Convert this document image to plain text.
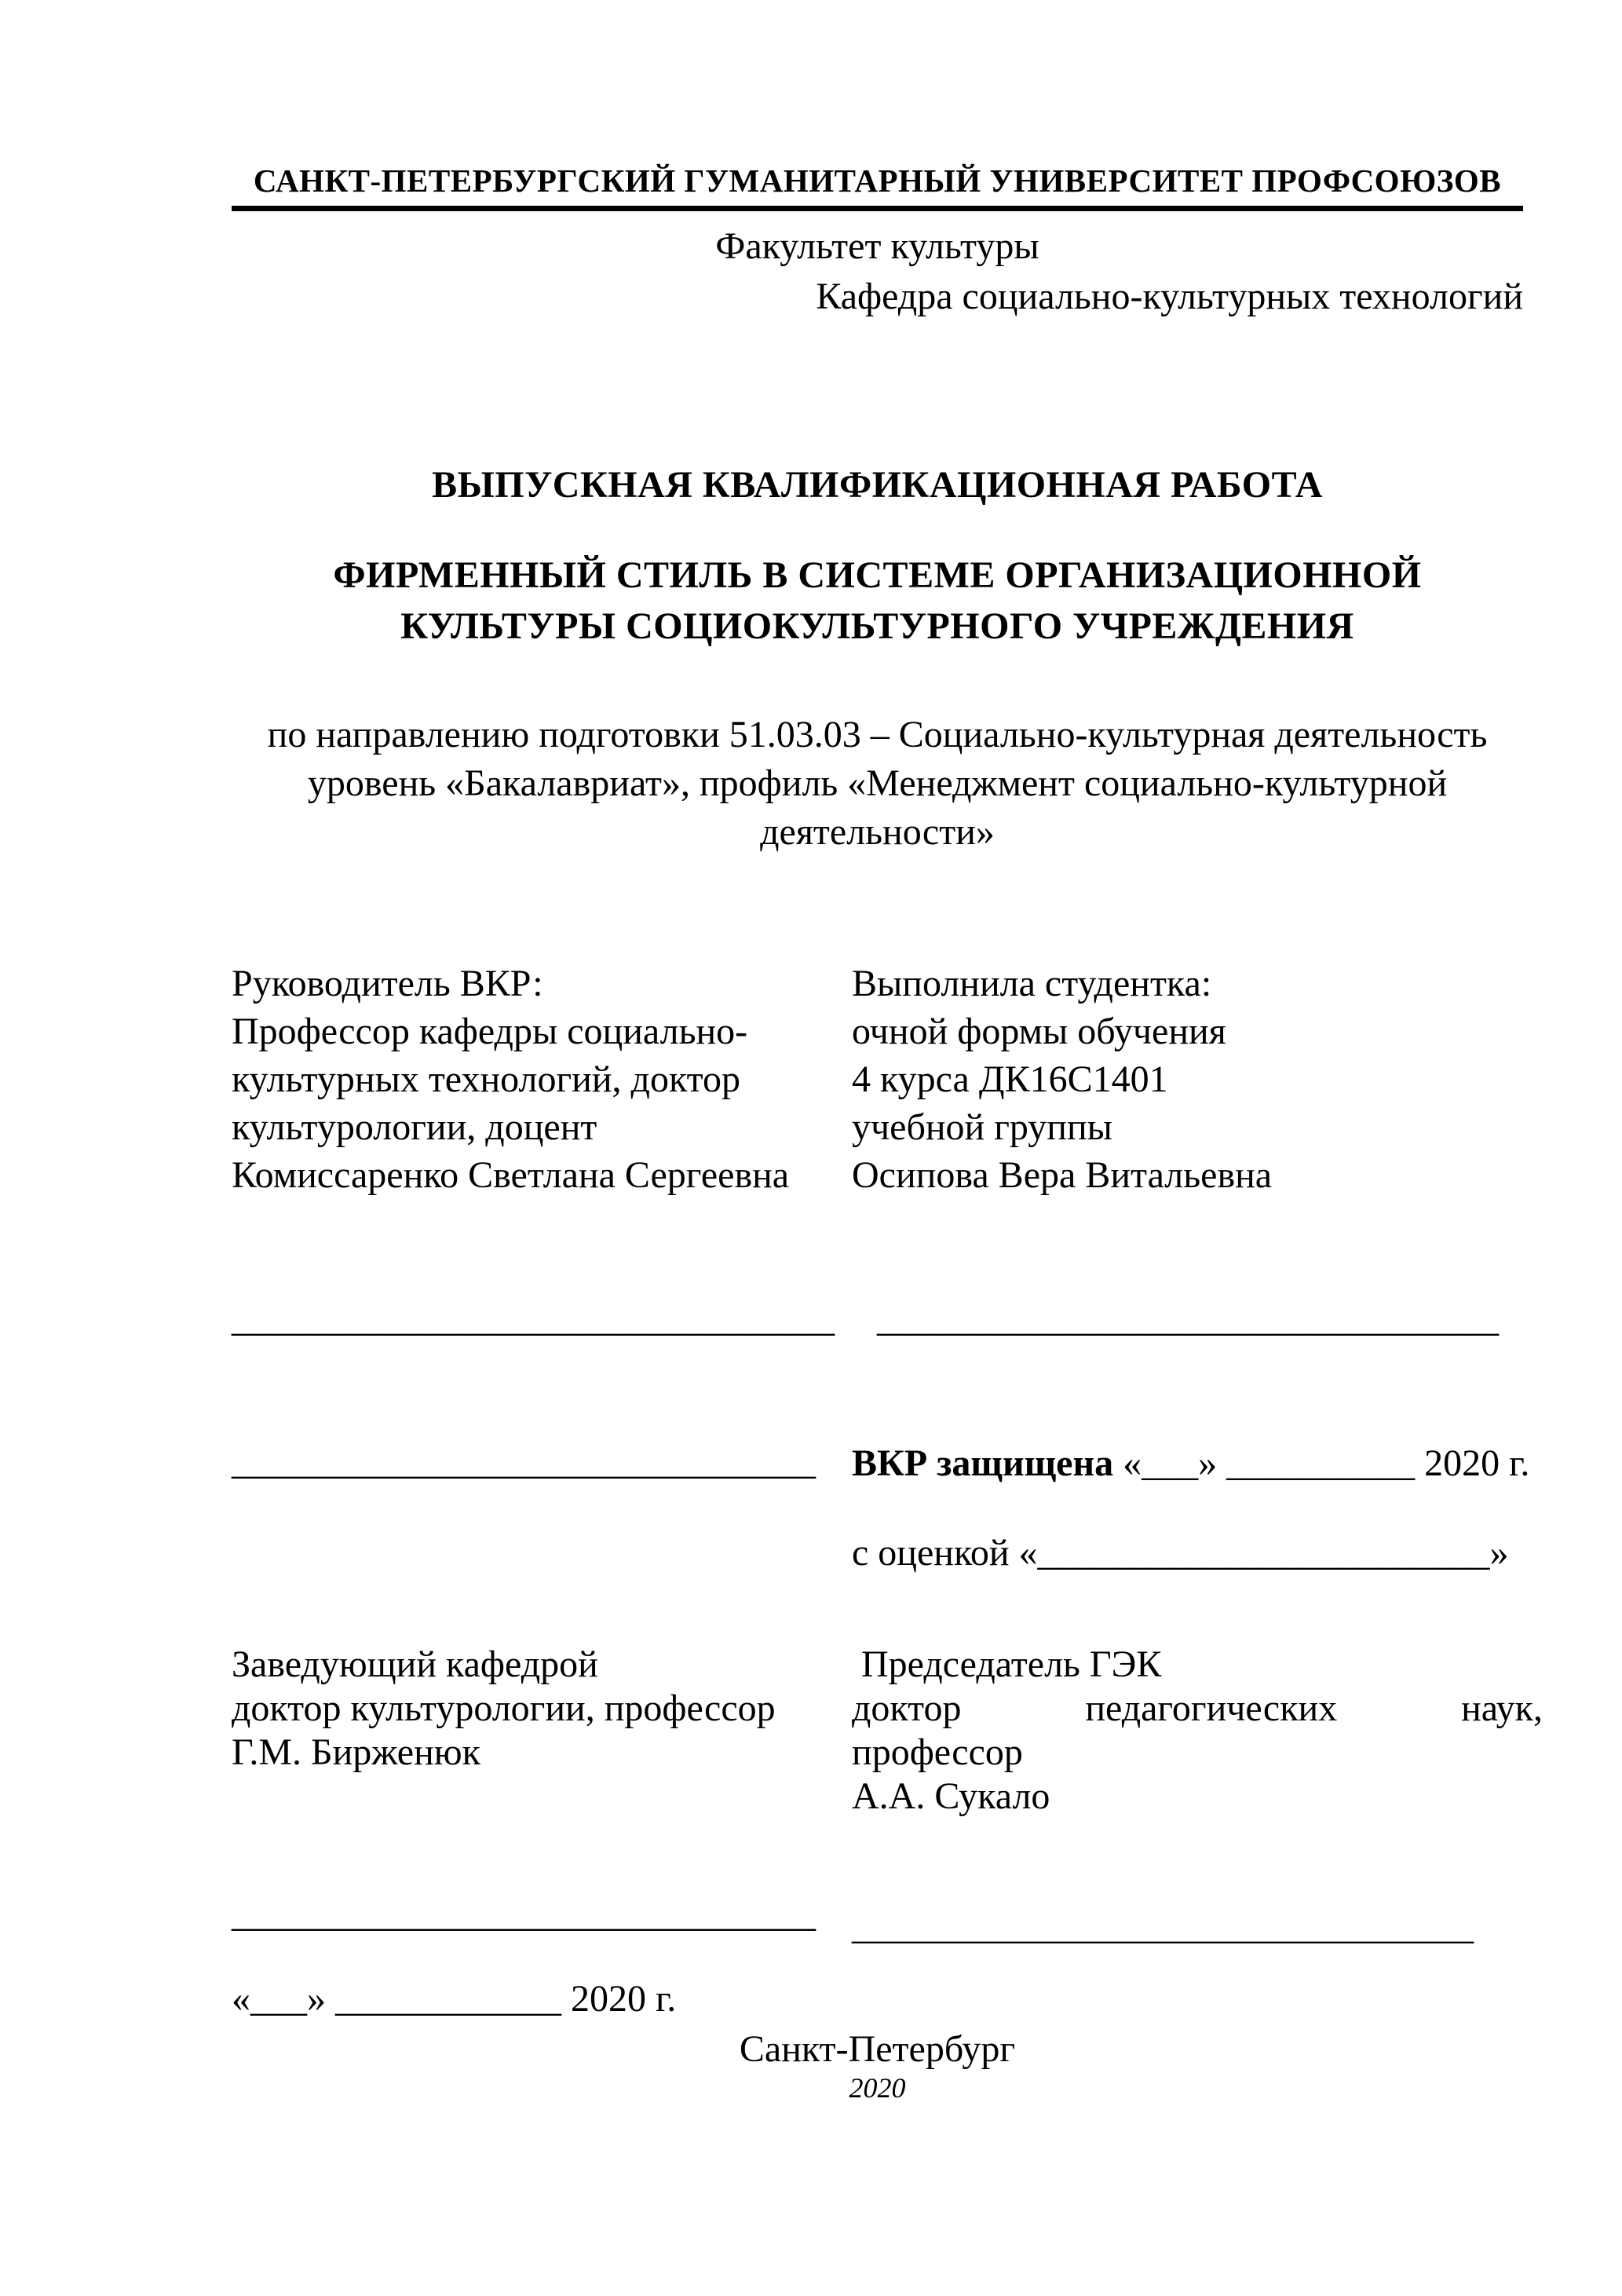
САНКТ-ПЕТЕРБУРГСКИЙ ГУМАНИТАРНЫЙ УНИВЕРСИТЕТ ПРОФСОЮЗОВ
Факультет культуры
Кафедра социально-культурных технологий
ВЫПУСКНАЯ КВАЛИФИКАЦИОННАЯ РАБОТА
ФИРМЕННЫЙ СТИЛЬ В СИСТЕМЕ ОРГАНИЗАЦИОННОЙ
КУЛЬТУРЫ СОЦИОКУЛЬТУРНОГО УЧРЕЖДЕНИЯ
по направлению подготовки 51.03.03 – Социально-культурная деятельность
уровень «Бакалавриат», профиль «Менеджмент социально-культурной
деятельности»
Руководитель ВКР:
Профессор кафедры социально-
культурных технологий, доктор
культурологии, доцент
Комиссаренко Светлана Сергеевна
Выполнила студентка:
очной формы обучения
4 курса ДК16С1401
учебной группы
Осипова Вера Витальевна
________________________________ _________________________________
_______________________________ ВКР защищена «___» __________ 2020 г.
с оценкой «________________________»
Заведующий кафедрой
доктор культурологии, профессор
Г.М. Бирженюк
Председатель ГЭК
доктор	педагогических	наук,
профессор
А.А. Сукало
_______________________________ _________________________________
«___» ____________ 2020 г.
Санкт-Петербург
2020
